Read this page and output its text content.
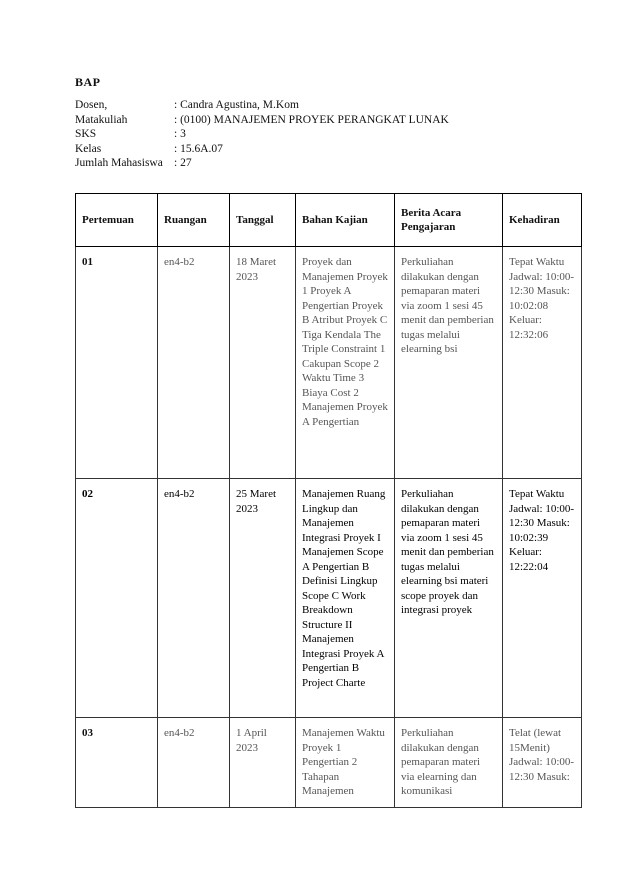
BAP
Dosen,	: Candra Agustina, M.Kom
Matakuliah	: (0100) MANAJEMEN PROYEK PERANGKAT LUNAK
SKS	: 3
Kelas	: 15.6A.07
Jumlah Mahasiswa : 27
Pertemuan	Ruangan	Tanggal	Bahan Kajian	Berita Acara Pengajaran	Kehadiran
01	en4-b2	18 Maret 2023	Proyek dan Manajemen Proyek 1 Proyek A Pengertian Proyek B Atribut Proyek C Tiga Kendala The Triple Constraint 1 Cakupan Scope 2 Waktu Time 3 Biaya Cost 2 Manajemen Proyek A Pengertian	Perkuliahan dilakukan dengan pemaparan materi via zoom 1 sesi 45 menit dan pemberian tugas melalui elearning bsi	Tepat Waktu Jadwal: 10:00-12:30 Masuk: 10:02:08 Keluar: 12:32:06
02	en4-b2	25 Maret 2023	Manajemen Ruang Lingkup dan Manajemen Integrasi Proyek I Manajemen Scope A Pengertian B Definisi Lingkup Scope C Work Breakdown Structure II Manajemen Integrasi Proyek A Pengertian B Project Charte	Perkuliahan dilakukan dengan pemaparan materi via zoom 1 sesi 45 menit dan pemberian tugas melalui elearning bsi materi scope proyek dan integrasi proyek	Tepat Waktu Jadwal: 10:00-12:30 Masuk: 10:02:39 Keluar: 12:22:04
03	en4-b2	1 April 2023	Manajemen Waktu Proyek 1 Pengertian 2 Tahapan Manajemen	Perkuliahan dilakukan dengan pemaparan materi via elearning dan komunikasi	Telat (lewat 15Menit) Jadwal: 10:00-12:30 Masuk:
